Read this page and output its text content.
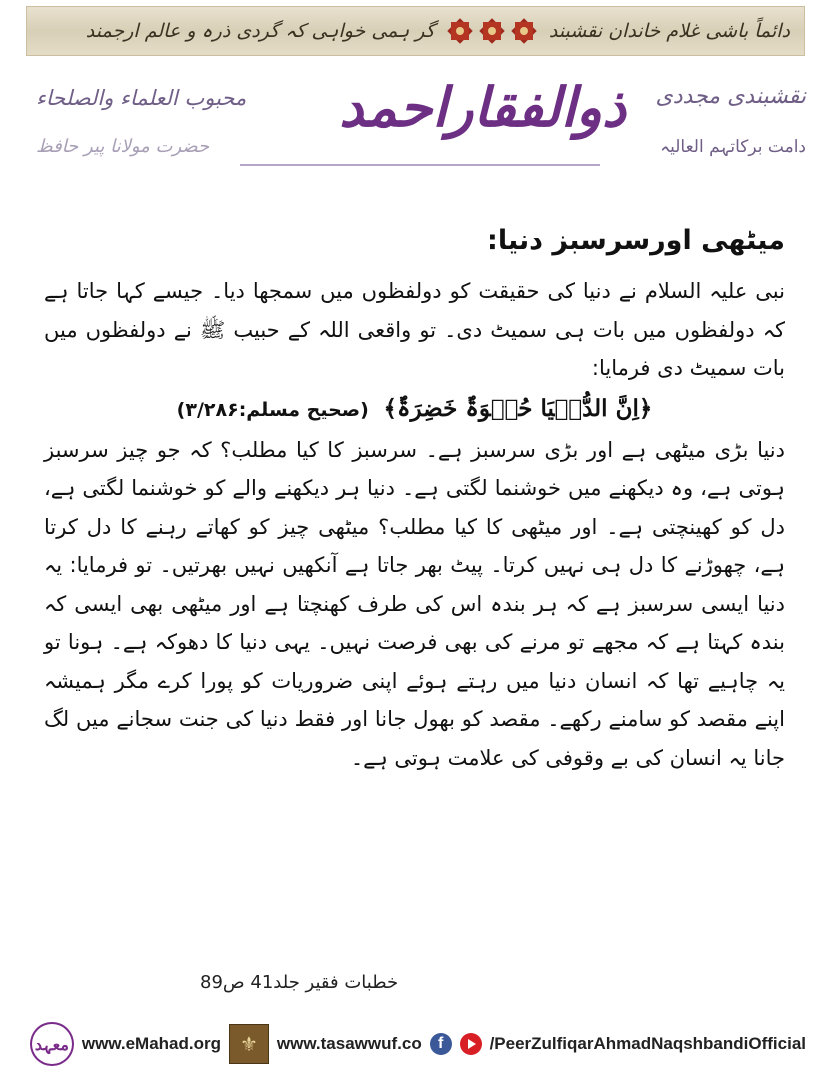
دائماً باشی غلام خاندان نقشبند
گر ہمی خواہی کہ گردی ذرہ و عالم ارجمند
نقشبندی مجددی
دامت برکاتہم العالیہ
ذوالفقاراحمد
محبوب العلماء والصلحاء
حضرت مولانا پیر حافظ
میٹھی اورسرسبز دنیا:

نبی علیہ السلام نے دنیا کی حقیقت کو دولفظوں میں سمجھا دیا۔ جیسے کہا جاتا ہے کہ دولفظوں میں بات ہی سمیٹ دی۔ تو واقعی اللہ کے حبیب ﷺ نے دولفظوں میں بات سمیٹ دی فرمایا:

﴿اِنَّ الدُّنۡیَا حُلۡوَۃٌ خَضِرَۃٌ﴾ (صحیح مسلم:۳/۲۸۶)

دنیا بڑی میٹھی ہے اور بڑی سرسبز ہے۔ سرسبز کا کیا مطلب؟ کہ جو چیز سرسبز ہوتی ہے، وہ دیکھنے میں خوشنما لگتی ہے۔ دنیا ہر دیکھنے والے کو خوشنما لگتی ہے، دل کو کھینچتی ہے۔ اور میٹھی کا کیا مطلب؟ میٹھی چیز کو کھاتے رہنے کا دل کرتا ہے، چھوڑنے کا دل ہی نہیں کرتا۔ پیٹ بھر جاتا ہے آنکھیں نہیں بھرتیں۔ تو فرمایا: یہ دنیا ایسی سرسبز ہے کہ ہر بندہ اس کی طرف کھنچتا ہے اور میٹھی بھی ایسی کہ بندہ کہتا ہے کہ مجھے تو مرنے کی بھی فرصت نہیں۔ یہی دنیا کا دھوکہ ہے۔ ہونا تو یہ چاہیے تھا کہ انسان دنیا میں رہتے ہوئے اپنی ضروریات کو پورا کرے مگر ہمیشہ اپنے مقصد کو سامنے رکھے۔ مقصد کو بھول جانا اور فقط دنیا کی جنت سجانے میں لگ جانا یہ انسان کی بے وقوفی کی علامت ہوتی ہے۔

خطبات فقیر جلد41 ص89
معہد www.eMahad.org ⚜	www.tasawwuf.co	f	/PeerZulfiqarAhmadNaqshbandiOfficial
